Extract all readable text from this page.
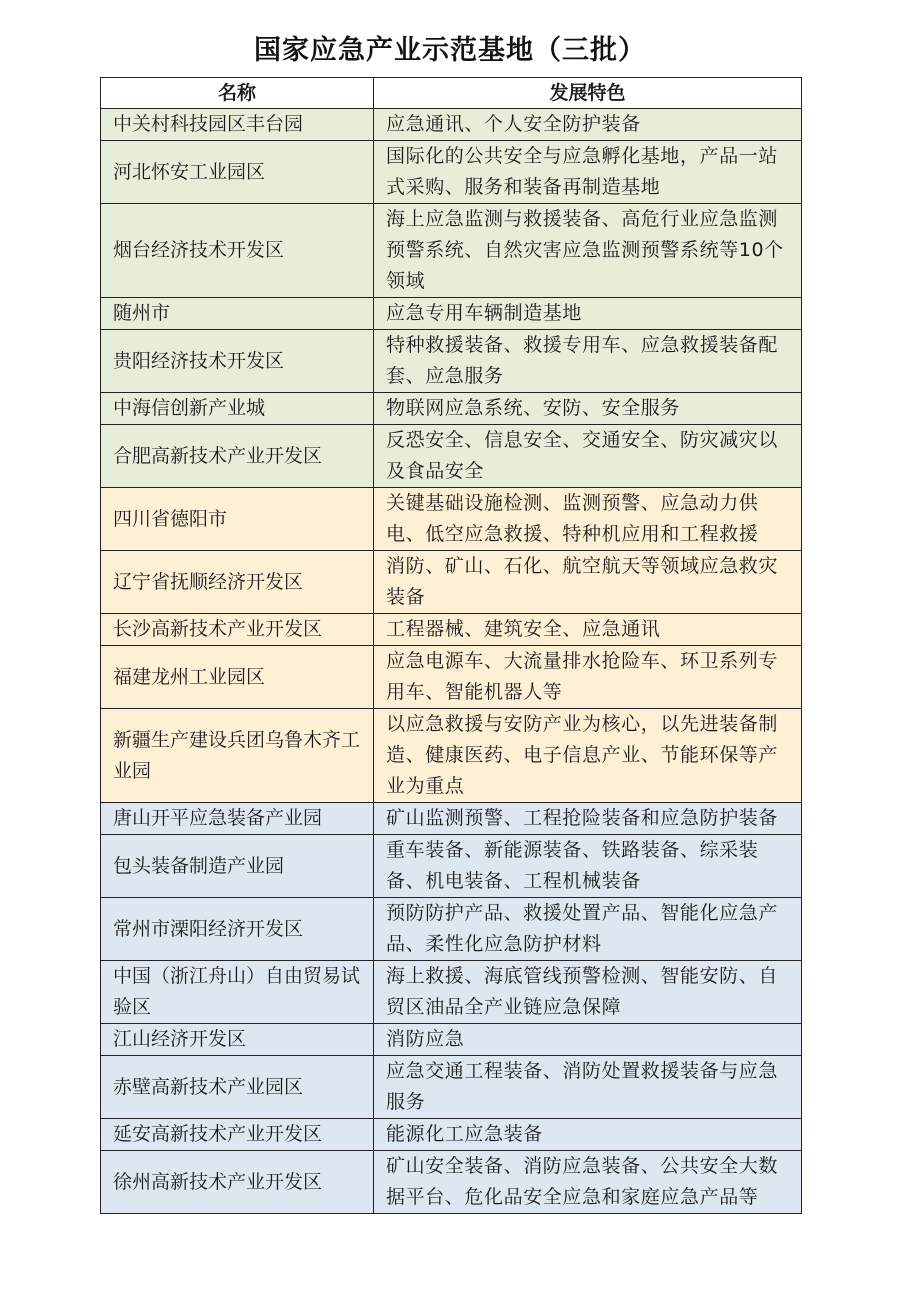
国家应急产业示范基地（三批）
名称	发展特色
中关村科技园区丰台园	应急通讯、个人安全防护装备
河北怀安工业园区	国际化的公共安全与应急孵化基地，产品一站式采购、服务和装备再制造基地
烟台经济技术开发区	海上应急监测与救援装备、高危行业应急监测预警系统、自然灾害应急监测预警系统等10个领域
随州市	应急专用车辆制造基地
贵阳经济技术开发区	特种救援装备、救援专用车、应急救援装备配套、应急服务
中海信创新产业城	物联网应急系统、安防、安全服务
合肥高新技术产业开发区	反恐安全、信息安全、交通安全、防灾减灾以及食品安全
四川省德阳市	关键基础设施检测、监测预警、应急动力供电、低空应急救援、特种机应用和工程救援
辽宁省抚顺经济开发区	消防、矿山、石化、航空航天等领域应急救灾装备
长沙高新技术产业开发区	工程器械、建筑安全、应急通讯
福建龙州工业园区	应急电源车、大流量排水抢险车、环卫系列专用车、智能机器人等
新疆生产建设兵团乌鲁木齐工业园	以应急救援与安防产业为核心，以先进装备制造、健康医药、电子信息产业、节能环保等产业为重点
唐山开平应急装备产业园	矿山监测预警、工程抢险装备和应急防护装备
包头装备制造产业园	重车装备、新能源装备、铁路装备、综采装备、机电装备、工程机械装备
常州市溧阳经济开发区	预防防护产品、救援处置产品、智能化应急产品、柔性化应急防护材料
中国（浙江舟山）自由贸易试验区	海上救援、海底管线预警检测、智能安防、自贸区油品全产业链应急保障
江山经济开发区	消防应急
赤壁高新技术产业园区	应急交通工程装备、消防处置救援装备与应急服务
延安高新技术产业开发区	能源化工应急装备
徐州高新技术产业开发区	矿山安全装备、消防应急装备、公共安全大数据平台、危化品安全应急和家庭应急产品等
